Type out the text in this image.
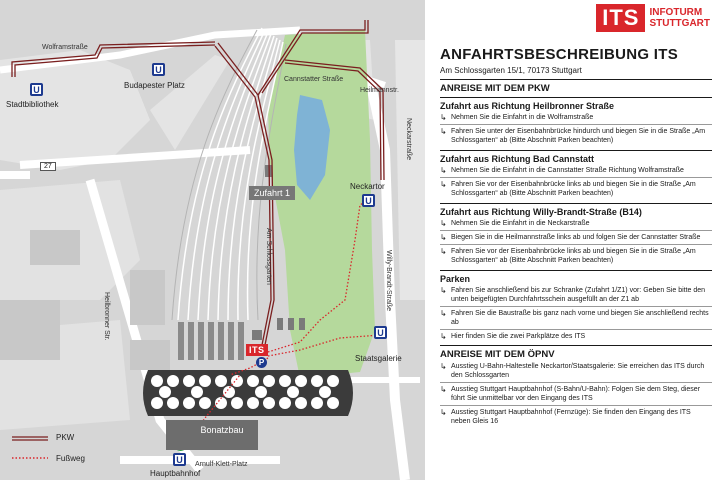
Wolframstraße
Cannstatter Straße
Heilmannstr.
Neckarstraße
Heilbronner Str.
Am Schlossgarten	Willy-Brandt-Straße
Arnulf-Klett-Platz
27
U
Stadtbibliothek
U
Budapester Platz
Neckartor
U
U
Staatsgalerie
U
Hauptbahnhof
Zufahrt 1
ITS
P
Bonatzbau
PKW
Fußweg
ITS	INFOTURM
STUTTGART
ANFAHRTSBESCHREIBUNG ITS
Am Schlossgarten 15/1, 70173 Stuttgart
ANREISE MIT DEM PKW
Zufahrt aus Richtung Heilbronner Straße
↳ Nehmen Sie die Einfahrt in die Wolframstraße
↳ Fahren Sie unter der Eisenbahnbrücke hindurch und biegen Sie in die Straße „Am Schlossgarten“ ab (Bitte Abschnitt Parken beachten)
Zufahrt aus Richtung Bad Cannstatt
↳ Nehmen Sie die Einfahrt in die Cannstatter Straße Richtung Wolframstraße
↳ Fahren Sie vor der Eisenbahnbrücke links ab und biegen Sie in die Straße „Am Schlossgarten“ ab (Bitte Abschnitt Parken beachten)
Zufahrt aus Richtung Willy-Brandt-Straße (B14)
↳ Nehmen Sie die Einfahrt in die Neckarstraße
↳ Biegen Sie in die Heilmannstraße links ab und folgen Sie der Cannstatter Straße
↳ Fahren Sie vor der Eisenbahnbrücke links ab und biegen Sie in die Straße „Am Schlossgarten“ ab (Bitte Abschnitt Parken beachten)
Parken
↳ Fahren Sie anschließend bis zur Schranke (Zufahrt 1/Z1) vor: Geben Sie bitte den unten beigefügten Durchfahrtsschein ausgefüllt an der Z1 ab
↳ Fahren Sie die Baustraße bis ganz nach vorne und biegen Sie anschließend rechts ab
↳ Hier finden Sie die zwei Parkplätze des ITS
ANREISE MIT DEM ÖPNV
↳ Ausstieg U-Bahn-Haltestelle Neckartor/Staatsgalerie: Sie erreichen das ITS durch den Schlossgarten
↳ Ausstieg Stuttgart Hauptbahnhof (S-Bahn/U-Bahn): Folgen Sie dem Steg, dieser führt Sie unmittelbar vor den Eingang des ITS
↳ Ausstieg Stuttgart Hauptbahnhof (Fernzüge): Sie finden den Eingang des ITS neben Gleis 16
